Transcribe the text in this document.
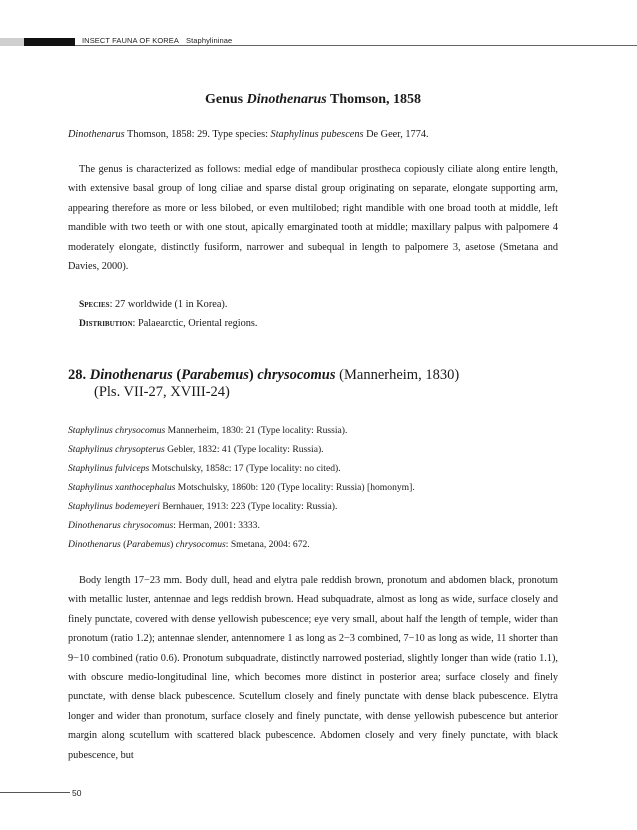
INSECT FAUNA OF KOREA Staphylininae
Genus Dinothenarus Thomson, 1858
Dinothenarus Thomson, 1858: 29. Type species: Staphylinus pubescens De Geer, 1774.
The genus is characterized as follows: medial edge of mandibular prostheca copiously ciliate along entire length, with extensive basal group of long ciliae and sparse distal group originating on separate, elongate supporting arm, appearing therefore as more or less bilobed, or even multilobed; right mandible with one broad tooth at middle, left mandible with two teeth or with one stout, apically emarginated tooth at middle; maxillary palpus with palpomere 4 moderately elongate, distinctly fusiform, narrower and subequal in length to palpomere 3, asetose (Smetana and Davies, 2000).
Species: 27 worldwide (1 in Korea).
Distribution: Palaearctic, Oriental regions.
28. Dinothenarus (Parabemus) chrysocomus (Mannerheim, 1830)
(Pls. VII-27, XVIII-24)
Staphylinus chrysocomus Mannerheim, 1830: 21 (Type locality: Russia).
Staphylinus chrysopterus Gebler, 1832: 41 (Type locality: Russia).
Staphylinus fulviceps Motschulsky, 1858c: 17 (Type locality: no cited).
Staphylinus xanthocephalus Motschulsky, 1860b: 120 (Type locality: Russia) [homonym].
Staphylinus bodemeyeri Bernhauer, 1913: 223 (Type locality: Russia).
Dinothenarus chrysocomus: Herman, 2001: 3333.
Dinothenarus (Parabemus) chrysocomus: Smetana, 2004: 672.
Body length 17−23 mm. Body dull, head and elytra pale reddish brown, pronotum and abdomen black, pronotum with metallic luster, antennae and legs reddish brown. Head subquadrate, almost as long as wide, surface closely and finely punctate, covered with dense yellowish pubescence; eye very small, about half the length of temple, wider than pronotum (ratio 1.2); antennae slender, antennomere 1 as long as 2−3 combined, 7−10 as long as wide, 11 shorter than 9−10 combined (ratio 0.6). Pronotum subquadrate, distinctly narrowed posteriad, slightly longer than wide (ratio 1.1), with obscure medio-longitudinal line, which becomes more distinct in posterior area; surface closely and finely punctate, with dense black pubescence. Scutellum closely and finely punctate with dense black pubescence. Elytra longer and wider than pronotum, surface closely and finely punctate, with dense yellowish pubescence but anterior margin along scutellum with scattered black pubescence. Abdomen closely and very finely punctate, with black pubescence, but
50
